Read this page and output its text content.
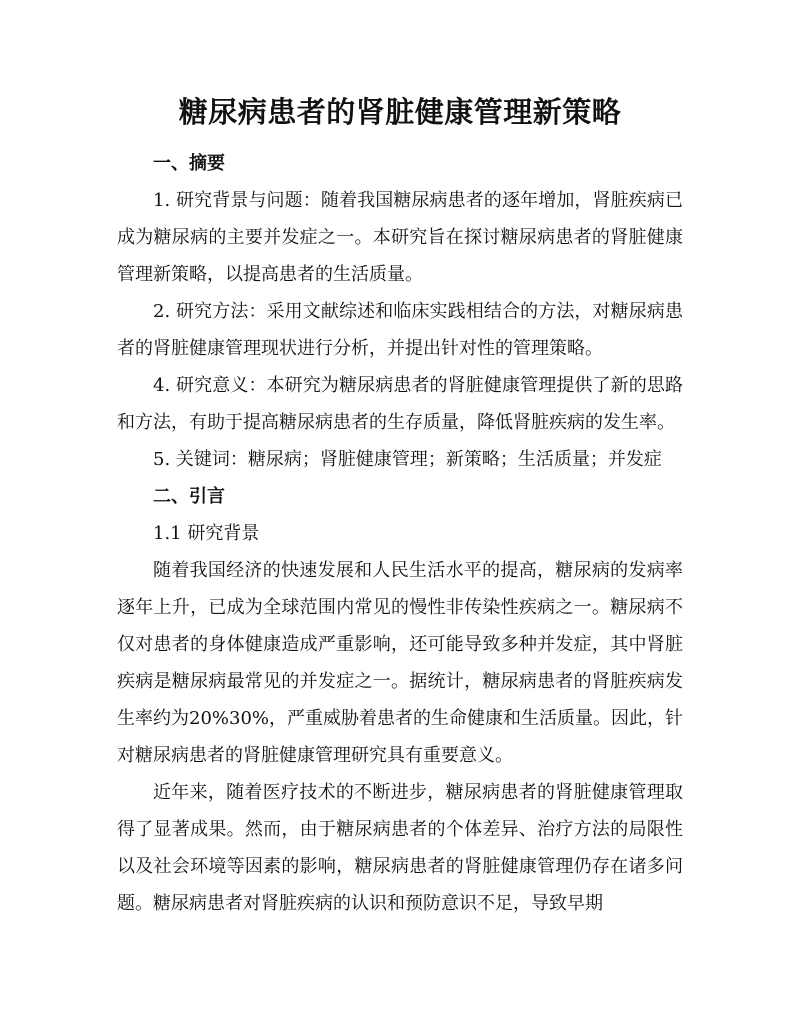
糖尿病患者的肾脏健康管理新策略

一、摘要

1. 研究背景与问题：随着我国糖尿病患者的逐年增加，肾脏疾病已成为糖尿病的主要并发症之一。本研究旨在探讨糖尿病患者的肾脏健康管理新策略，以提高患者的生活质量。

2. 研究方法：采用文献综述和临床实践相结合的方法，对糖尿病患者的肾脏健康管理现状进行分析，并提出针对性的管理策略。

4. 研究意义：本研究为糖尿病患者的肾脏健康管理提供了新的思路和方法，有助于提高糖尿病患者的生存质量，降低肾脏疾病的发生率。

5. 关键词：糖尿病；肾脏健康管理；新策略；生活质量；并发症

二、引言

1.1 研究背景

随着我国经济的快速发展和人民生活水平的提高，糖尿病的发病率逐年上升，已成为全球范围内常见的慢性非传染性疾病之一。糖尿病不仅对患者的身体健康造成严重影响，还可能导致多种并发症，其中肾脏疾病是糖尿病最常见的并发症之一。据统计，糖尿病患者的肾脏疾病发生率约为20%30%，严重威胁着患者的生命健康和生活质量。因此，针对糖尿病患者的肾脏健康管理研究具有重要意义。

近年来，随着医疗技术的不断进步，糖尿病患者的肾脏健康管理取得了显著成果。然而，由于糖尿病患者的个体差异、治疗方法的局限性以及社会环境等因素的影响，糖尿病患者的肾脏健康管理仍存在诸多问题。糖尿病患者对肾脏疾病的认识和预防意识不足，导致早期
